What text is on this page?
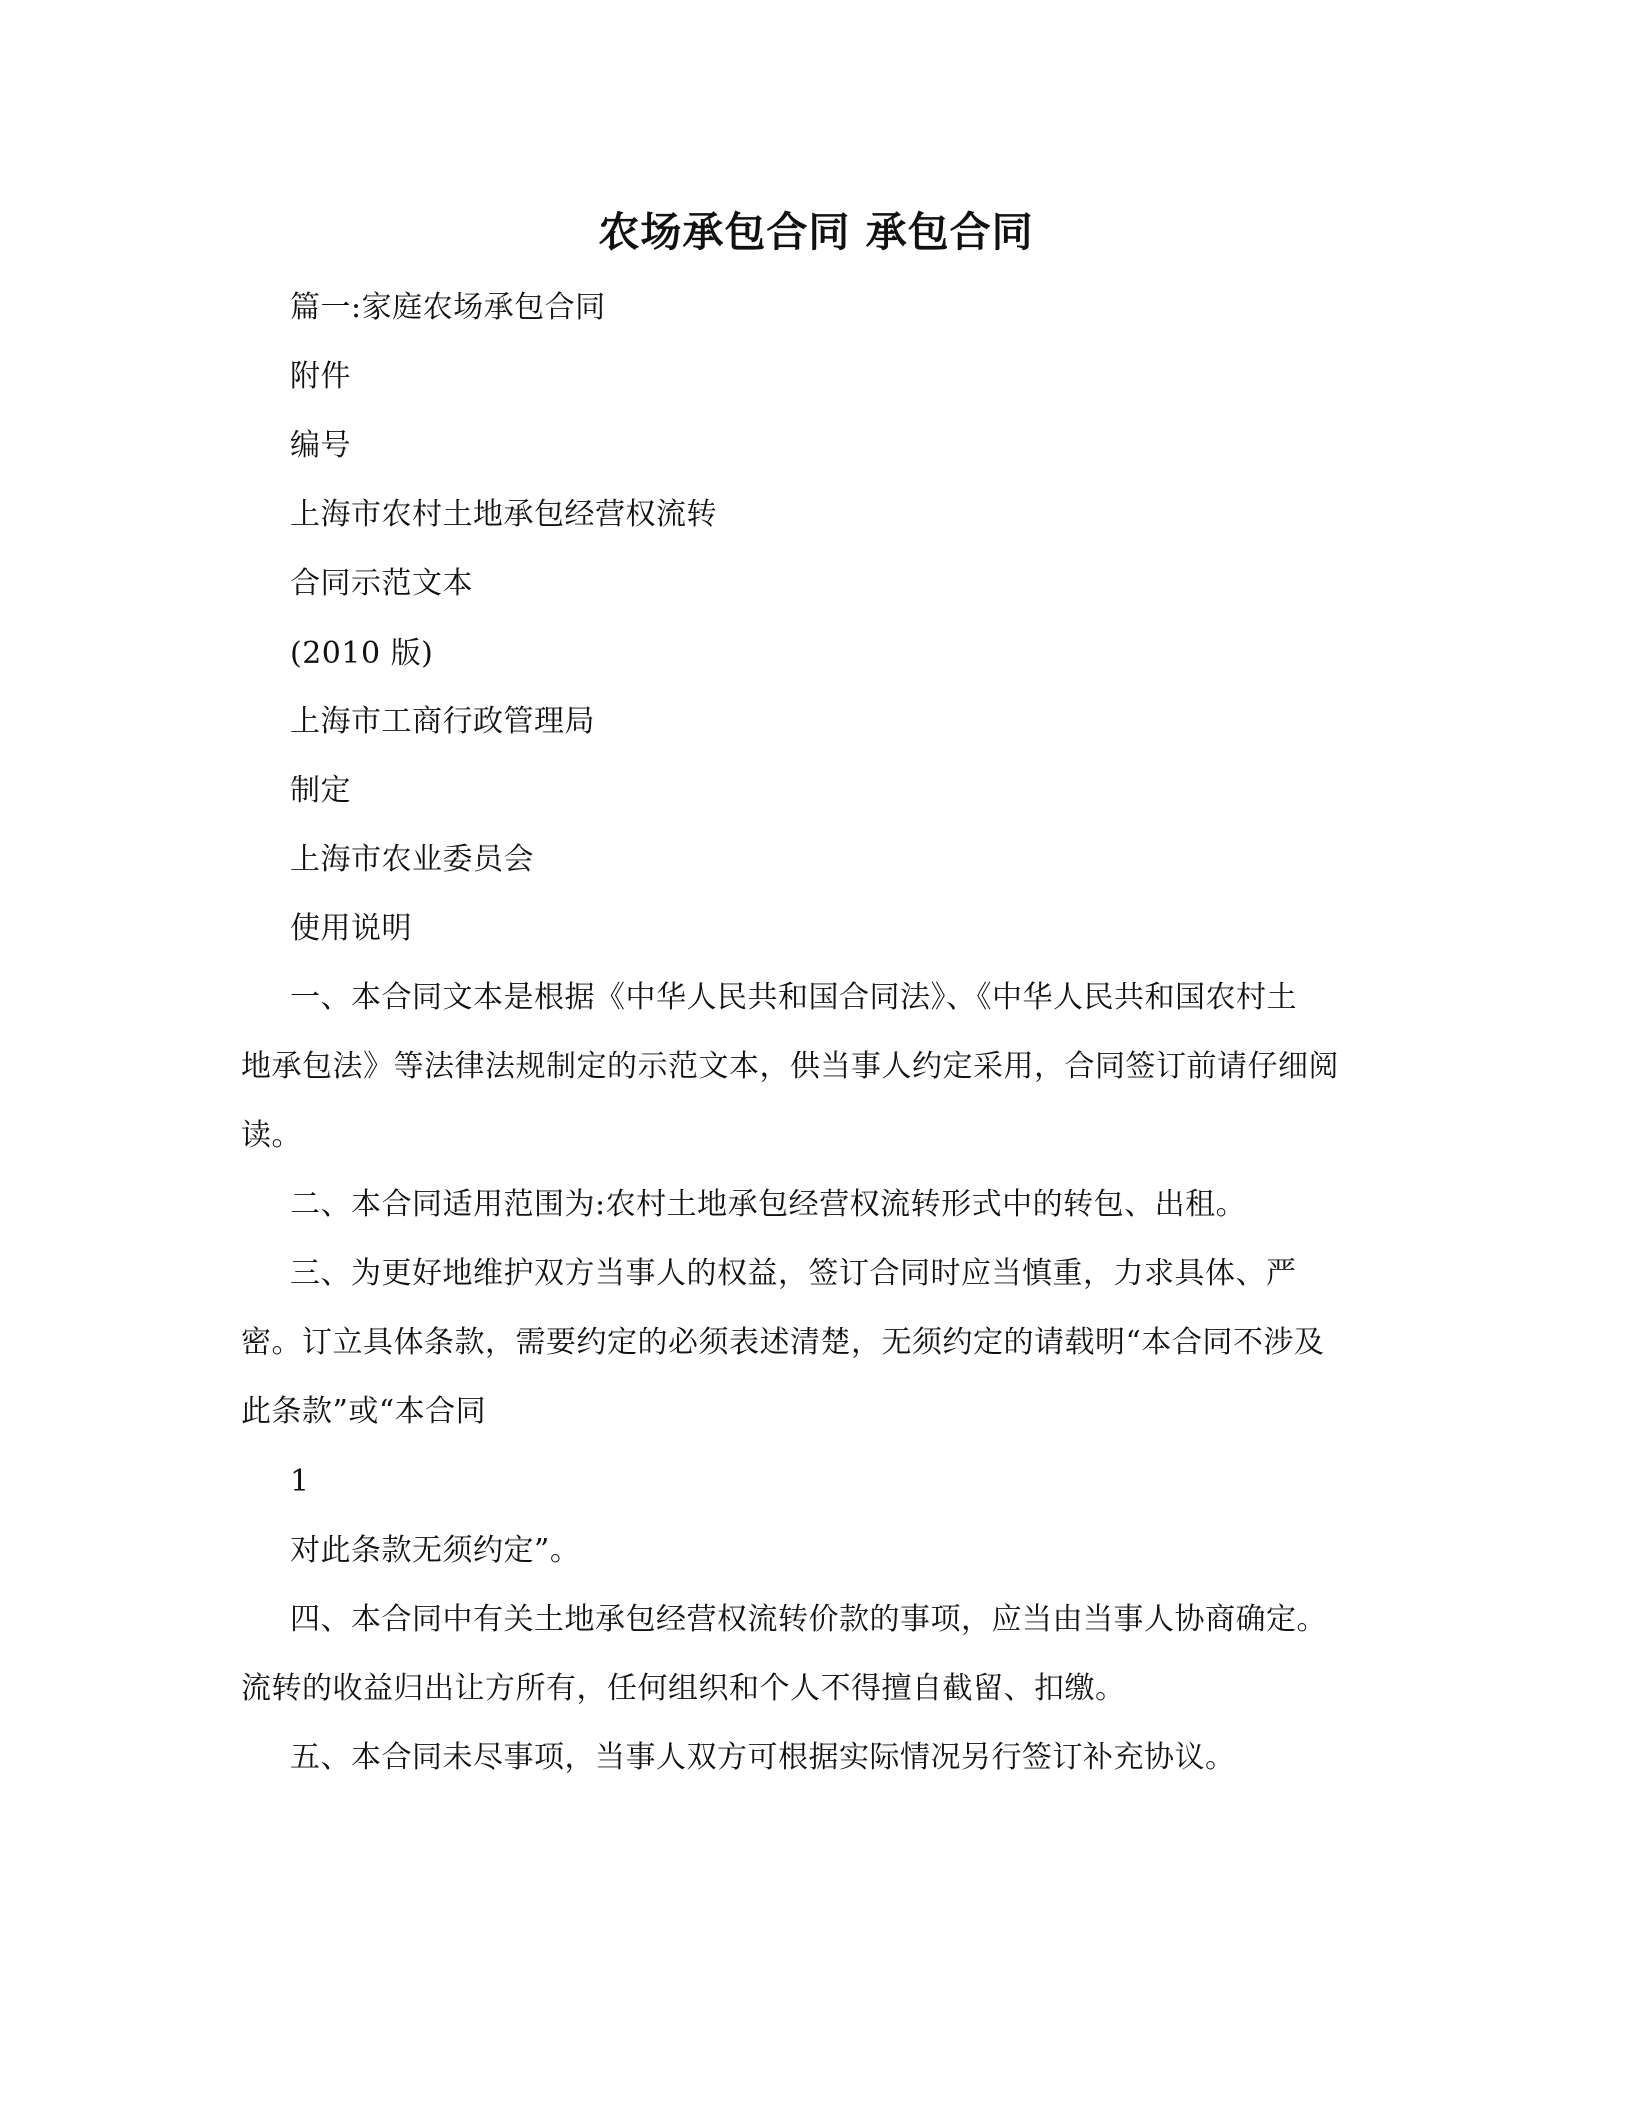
农场承包合同 承包合同
篇一:家庭农场承包合同
附件
编号
上海市农村土地承包经营权流转
合同示范文本
(2010 版)
上海市工商行政管理局
制定
上海市农业委员会
使用说明
一、本合同文本是根据《中华人民共和国合同法》、《中华人民共和国农村土
地承包法》等法律法规制定的示范文本，供当事人约定采用，合同签订前请仔细阅
读。
二、本合同适用范围为:农村土地承包经营权流转形式中的转包、出租。
三、为更好地维护双方当事人的权益，签订合同时应当慎重，力求具体、严
密。订立具体条款，需要约定的必须表述清楚，无须约定的请载明“本合同不涉及
此条款”或“本合同
1
对此条款无须约定”。
四、本合同中有关土地承包经营权流转价款的事项，应当由当事人协商确定。
流转的收益归出让方所有，任何组织和个人不得擅自截留、扣缴。
五、本合同未尽事项，当事人双方可根据实际情况另行签订补充协议。
